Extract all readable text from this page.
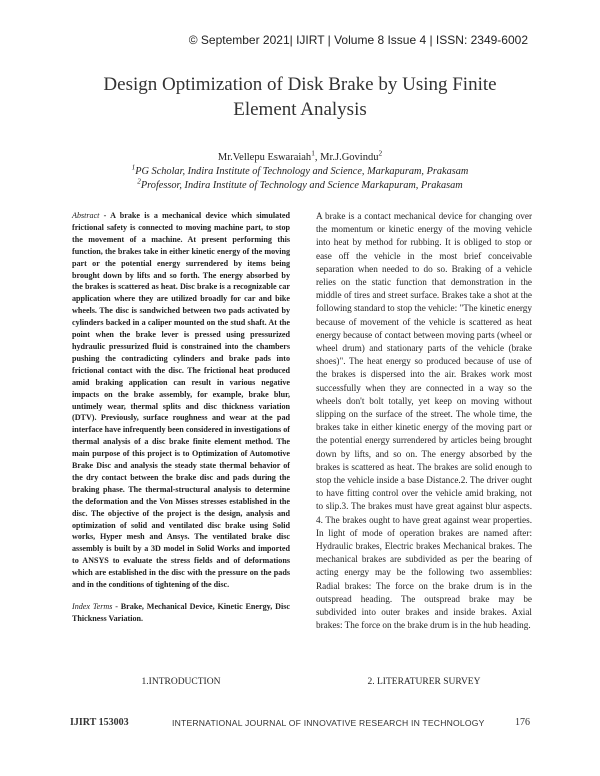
© September 2021| IJIRT | Volume 8 Issue 4 | ISSN: 2349-6002
Design Optimization of Disk Brake by Using Finite
Element Analysis
Mr.Vellepu Eswaraiah$^1$, Mr.J.Govindu$^2$
$^1$PG Scholar, Indira Institute of Technology and Science, Markapuram, Prakasam
$^2$Professor, Indira Institute of Technology and Science Markapuram, Prakasam

Abstract - A brake is a mechanical device which simulated frictional safety is connected to moving machine part, to stop the movement of a machine. At present performing this function, the brakes take in either kinetic energy of the moving part or the potential energy surrendered by items being brought down by lifts and so forth. The energy absorbed by the brakes is scattered as heat. Disc brake is a recognizable car application where they are utilized broadly for car and bike wheels. The disc is sandwiched between two pads activated by cylinders backed in a caliper mounted on the stud shaft. At the point when the brake lever is pressed using pressurized hydraulic pressurized fluid is constrained into the chambers pushing the contradicting cylinders and brake pads into frictional contact with the disc. The frictional heat produced amid braking application can result in various negative impacts on the brake assembly, for example, brake blur, untimely wear, thermal splits and disc thickness variation (DTV). Previously, surface roughness and wear at the pad interface have infrequently been considered in investigations of thermal analysis of a disc brake finite element method. The main purpose of this project is to Optimization of Automotive Brake Disc and analysis the steady state thermal behavior of the dry contact between the brake disc and pads during the braking phase. The thermal-structural analysis to determine the deformation and the Von Misses stresses established in the disc. The objective of the project is the design, analysis and optimization of solid and ventilated disc brake using Solid works, Hyper mesh and Ansys. The ventilated brake disc assembly is built by a 3D model in Solid Works and imported to ANSYS to evaluate the stress fields and of deformations which are established in the disc with the pressure on the pads and in the conditions of tightening of the disc.

Index Terms - Brake, Mechanical Device, Kinetic Energy, Disc Thickness Variation.

A brake is a contact mechanical device for changing over the momentum or kinetic energy of the moving vehicle into heat by method for rubbing. It is obliged to stop or ease off the vehicle in the most brief conceivable separation when needed to do so. Braking of a vehicle relies on the static function that demonstration in the middle of tires and street surface. Brakes take a shot at the following standard to stop the vehicle: "The kinetic energy because of movement of the vehicle is scattered as heat energy because of contact between moving parts (wheel or wheel drum) and stationary parts of the vehicle (brake shoes)". The heat energy so produced because of use of the brakes is dispersed into the air. Brakes work most successfully when they are connected in a way so the wheels don't bolt totally, yet keep on moving without slipping on the surface of the street. The whole time, the brakes take in either kinetic energy of the moving part or the potential energy surrendered by articles being brought down by lifts, and so on. The energy absorbed by the brakes is scattered as heat. The brakes are solid enough to stop the vehicle inside a base Distance.2. The driver ought to have fitting control over the vehicle amid braking, not to slip.3. The brakes must have great against blur aspects. 4. The brakes ought to have great against wear properties. In light of mode of operation brakes are named after: Hydraulic brakes, Electric brakes Mechanical brakes. The mechanical brakes are subdivided as per the bearing of acting energy may be the following two assemblies: Radial brakes: The force on the brake drum is in the outspread heading. The outspread brake may be subdivided into outer brakes and inside brakes. Axial brakes: The force on the brake drum is in the hub heading.

1.INTRODUCTION	2. LITERATURER SURVEY
IJIRT 153003	INTERNATIONAL JOURNAL OF INNOVATIVE RESEARCH IN TECHNOLOGY	176
